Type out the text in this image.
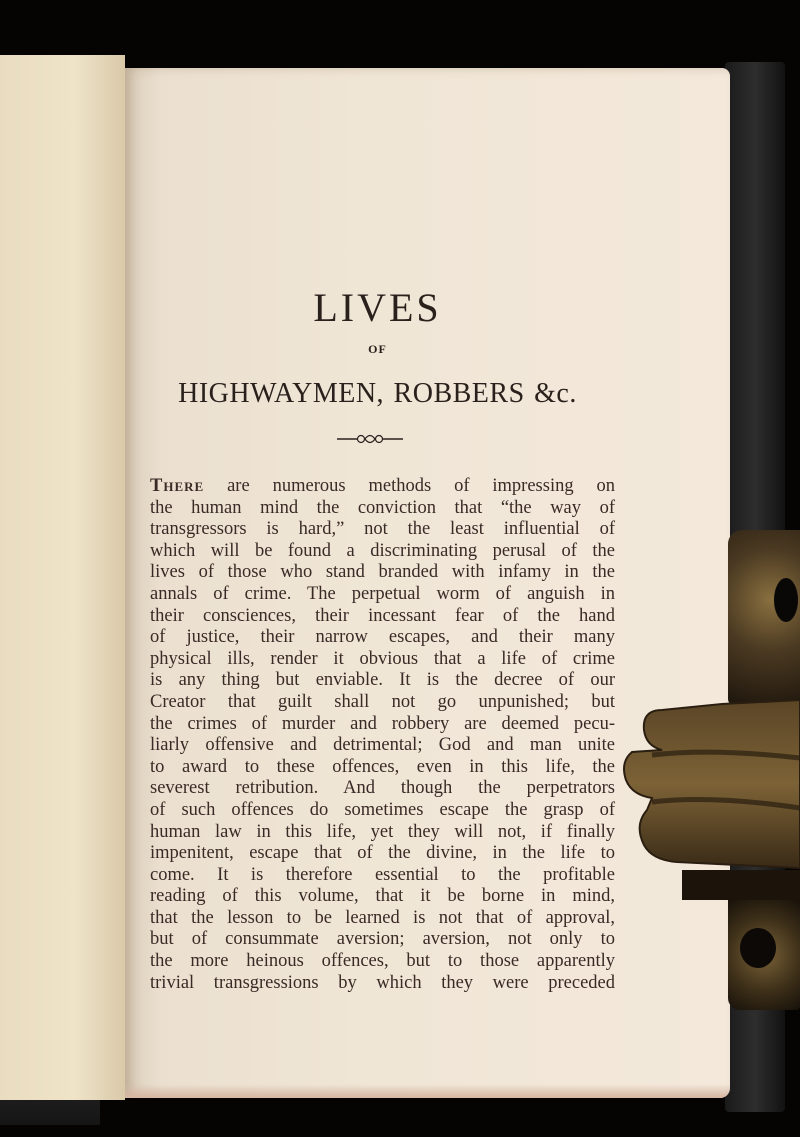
LIVES
OF
HIGHWAYMEN, ROBBERS &c.
There are numerous methods of impressing on
the human mind the conviction that “the way of
transgressors is hard,” not the least influential of
which will be found a discriminating perusal of the
lives of those who stand branded with infamy in the
annals of crime. The perpetual worm of anguish in
their consciences, their incessant fear of the hand
of justice, their narrow escapes, and their many
physical ills, render it obvious that a life of crime
is any thing but enviable. It is the decree of our
Creator that guilt shall not go unpunished; but
the crimes of murder and robbery are deemed pecu-
liarly offensive and detrimental; God and man unite
to award to these offences, even in this life, the
severest retribution. And though the perpetrators
of such offences do sometimes escape the grasp of
human law in this life, yet they will not, if finally
impenitent, escape that of the divine, in the life to
come. It is therefore essential to the profitable
reading of this volume, that it be borne in mind,
that the lesson to be learned is not that of approval,
but of consummate aversion; aversion, not only to
the more heinous offences, but to those apparently
trivial transgressions by which they were preceded
